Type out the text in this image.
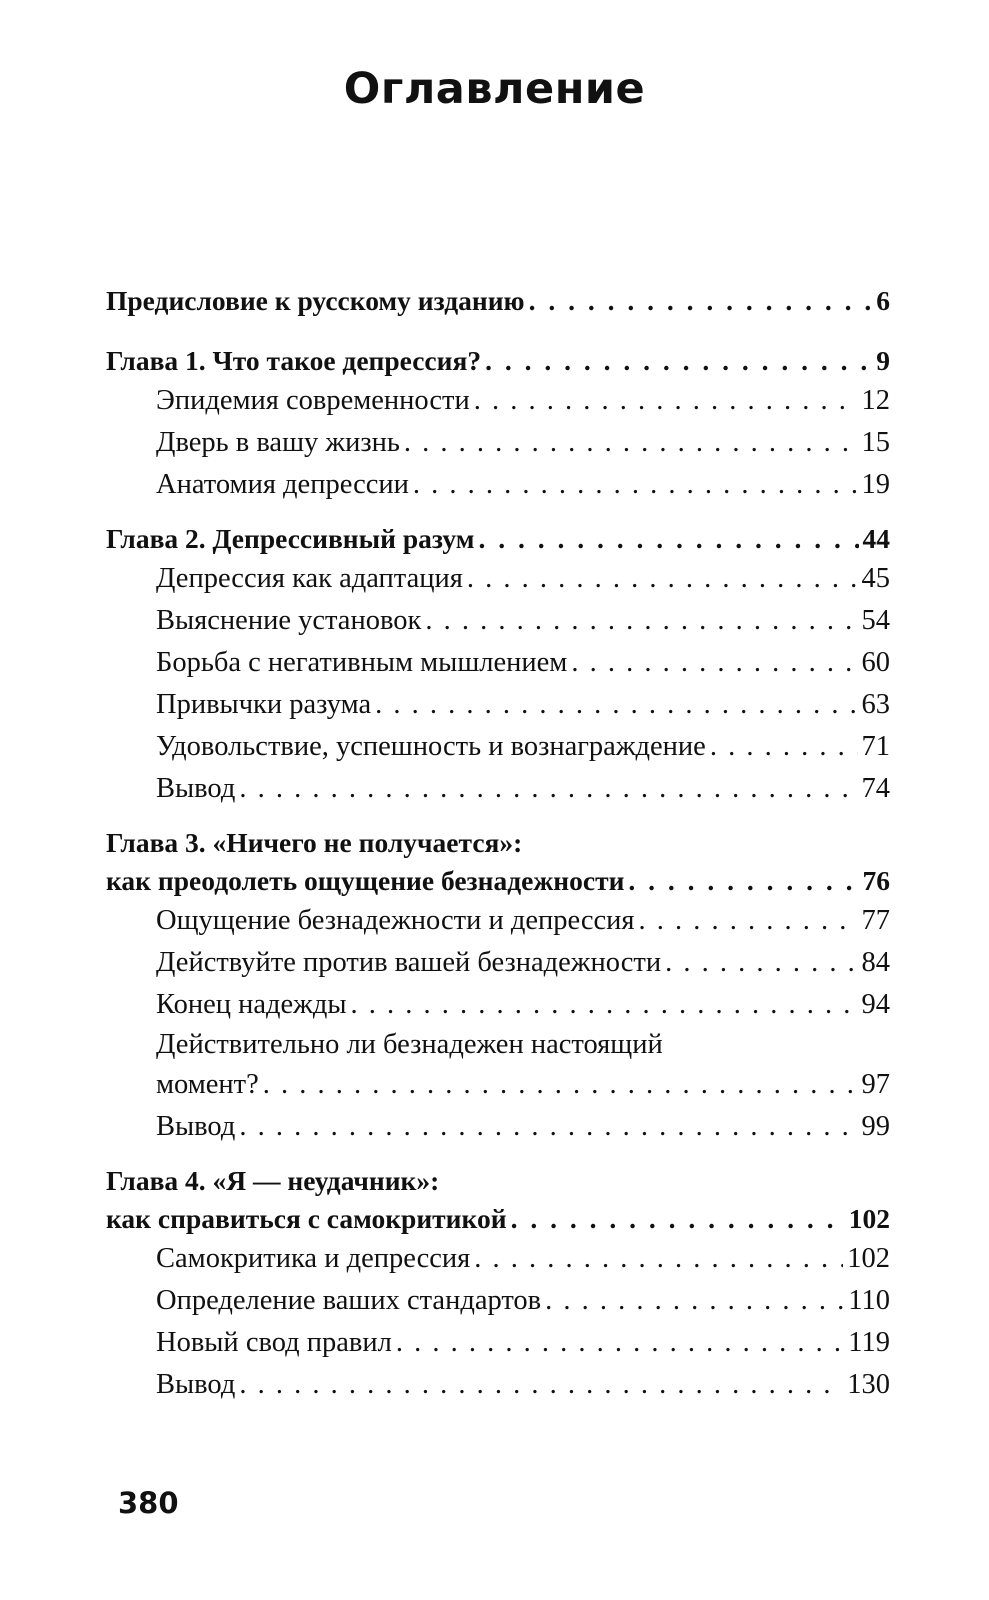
Оглавление
Предисловие к русскому изданию . . .	6
Глава 1. Что такое депрессия? . . .	9
Эпидемия современности . . .	12
Дверь в вашу жизнь . . .	15
Анатомия депрессии . . .	19
Глава 2. Депрессивный разум . . .	44
Депрессия как адаптация . . .	45
Выяснение установок . . .	54
Борьба с негативным мышлением . . .	60
Привычки разума . . .	63
Удовольствие, успешность и вознаграждение . . .	71
Вывод . . .	74
Глава 3. «Ничего не получается»:
как преодолеть ощущение безнадежности . . .	76
Ощущение безнадежности и депрессия . . .	77
Действуйте против вашей безнадежности . . .	84
Конец надежды . . .	94
Действительно ли безнадежен настоящий
момент? . . .	97
Вывод . . .	99
Глава 4. «Я — неудачник»:
как справиться с самокритикой . . .	102
Самокритика и депрессия . . .	102
Определение ваших стандартов . . .	110
Новый свод правил . . .	119
Вывод . . .	130
380
